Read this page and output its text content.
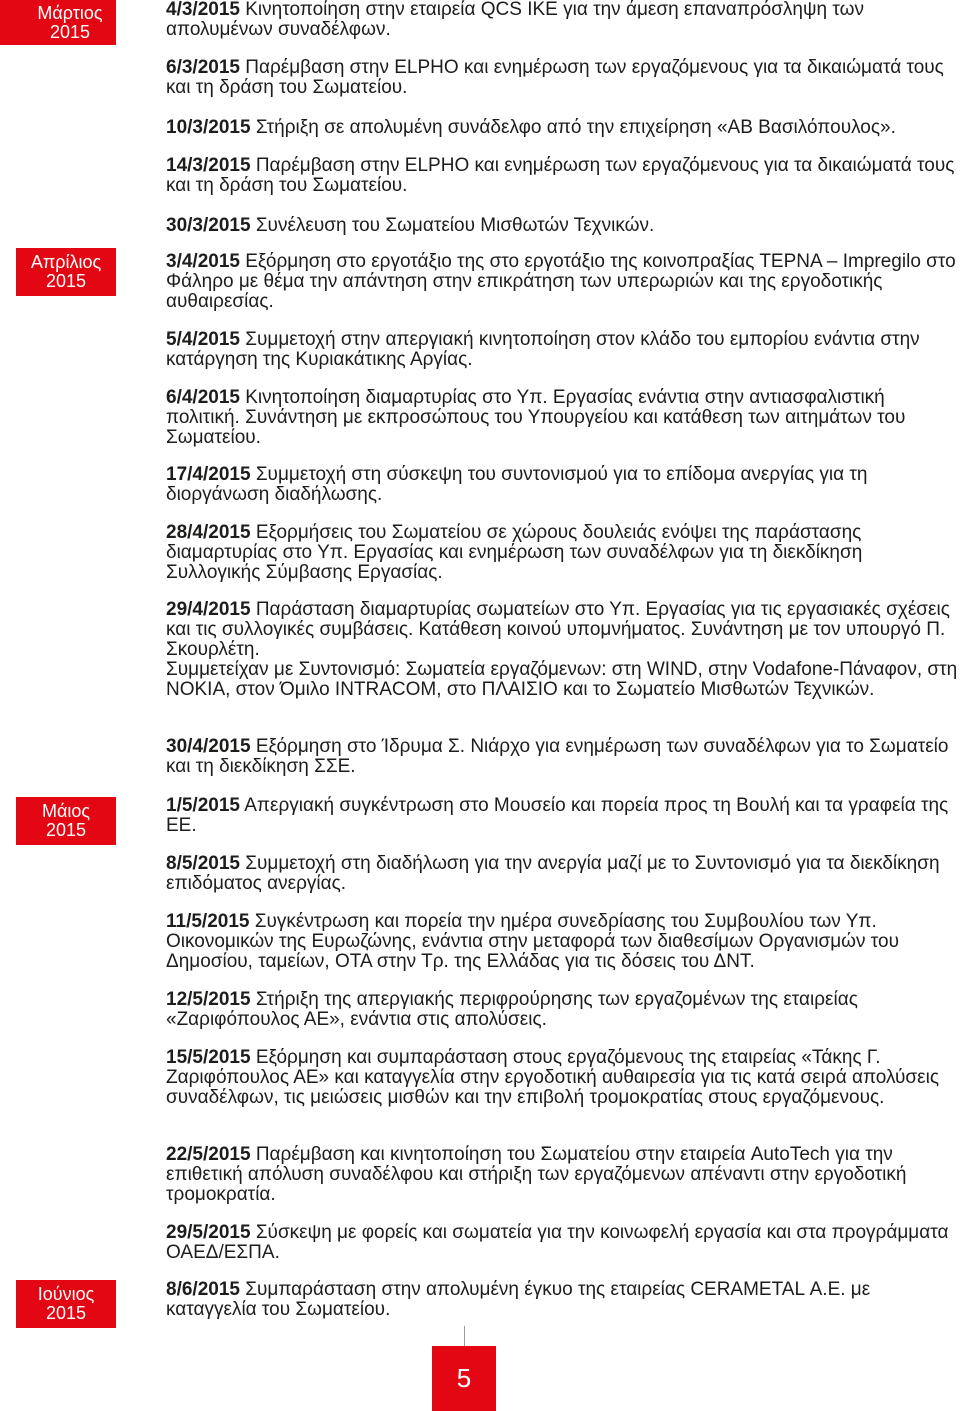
Μάρτιος
2015
Απρίλιος
2015
Μάιος
2015
Ιούνιος
2015
4/3/2015 Κινητοποίηση στην εταιρεία QCS ΙΚΕ για την άμεση επαναπρόσληψη των απολυμένων συναδέλφων.
6/3/2015 Παρέμβαση στην ELPHO και ενημέρωση των εργαζόμενους για τα δικαιώματά τους και τη δράση του Σωματείου.
10/3/2015 Στήριξη σε απολυμένη συνάδελφο από την επιχείρηση «ΑΒ Βασιλόπουλος».
14/3/2015 Παρέμβαση στην ELPHO και ενημέρωση των εργαζόμενους για τα δικαιώματά τους και τη δράση του Σωματείου.
30/3/2015 Συνέλευση του Σωματείου Μισθωτών Τεχνικών.
3/4/2015 Εξόρμηση στο εργοτάξιο της στο εργοτάξιο της κοινοπραξίας ΤΕΡΝΑ – Impregilo στο Φάληρο με θέμα την απάντηση στην επικράτηση των υπερωριών και της εργοδοτικής αυθαιρεσίας.
5/4/2015 Συμμετοχή στην απεργιακή κινητοποίηση στον κλάδο του εμπορίου ενάντια στην κατάργηση της Κυριακάτικης Αργίας.
6/4/2015 Κινητοποίηση διαμαρτυρίας στο Υπ. Εργασίας ενάντια στην αντιασφαλιστική πολιτική. Συνάντηση με εκπροσώπους του Υπουργείου και κατάθεση των αιτημάτων του Σωματείου.
17/4/2015 Συμμετοχή στη σύσκεψη του συντονισμού για το επίδομα ανεργίας για τη διοργάνωση διαδήλωσης.
28/4/2015 Εξορμήσεις του Σωματείου σε χώρους δουλειάς ενόψει της παράστασης διαμαρτυρίας στο Υπ. Εργασίας και ενημέρωση των συναδέλφων για τη διεκδίκηση Συλλογικής Σύμβασης Εργασίας.
29/4/2015 Παράσταση διαμαρτυρίας σωματείων στο Υπ. Εργασίας για τις εργασιακές σχέσεις και τις συλλογικές συμβάσεις. Κατάθεση κοινού υπομνήματος. Συνάντηση με τον υπουργό Π. Σκουρλέτη.
Συμμετείχαν με Συντονισμό: Σωματεία εργαζόμενων: στη WIND, στην Vodafone-Πάναφον, στη NOKIA, στον Όμιλο INTRACOM, στο ΠΛΑΙΣΙΟ και το Σωματείο Μισθωτών Τεχνικών.
30/4/2015 Εξόρμηση στο Ίδρυμα Σ. Νιάρχο για ενημέρωση των συναδέλφων για το Σωματείο και τη διεκδίκηση ΣΣΕ.
1/5/2015 Απεργιακή συγκέντρωση στο Μουσείο και πορεία προς τη Βουλή και τα γραφεία της ΕΕ.
8/5/2015 Συμμετοχή στη διαδήλωση για την ανεργία μαζί με το Συντονισμό για τα διεκδίκηση επιδόματος ανεργίας.
11/5/2015 Συγκέντρωση και πορεία την ημέρα συνεδρίασης του Συμβουλίου των Υπ. Οικονομικών της Ευρωζώνης, ενάντια στην μεταφορά των διαθεσίμων Οργανισμών του Δημοσίου, ταμείων, ΟΤΑ στην Τρ. της Ελλάδας για τις δόσεις του ΔΝΤ.
12/5/2015 Στήριξη της απεργιακής περιφρούρησης των εργαζομένων της εταιρείας «Ζαριφόπουλος ΑΕ», ενάντια στις απολύσεις.
15/5/2015 Εξόρμηση και συμπαράσταση στους εργαζόμενους της εταιρείας «Τάκης Γ. Ζαριφόπουλος ΑΕ» και καταγγελία στην εργοδοτική αυθαιρεσία για τις κατά σειρά απολύσεις συναδέλφων, τις μειώσεις μισθών και την επιβολή τρομοκρατίας στους εργαζόμενους.
22/5/2015 Παρέμβαση και κινητοποίηση του Σωματείου στην εταιρεία AutoTech για την επιθετική απόλυση συναδέλφου και στήριξη των εργαζόμενων απέναντι στην εργοδοτική τρομοκρατία.
29/5/2015 Σύσκεψη με φορείς και σωματεία για την κοινωφελή εργασία και στα προγράμματα ΟΑΕΔ/ΕΣΠΑ.
8/6/2015 Συμπαράσταση στην απολυμένη έγκυο της εταιρείας CERAMETAL Α.Ε. με καταγγελία του Σωματείου.
5
